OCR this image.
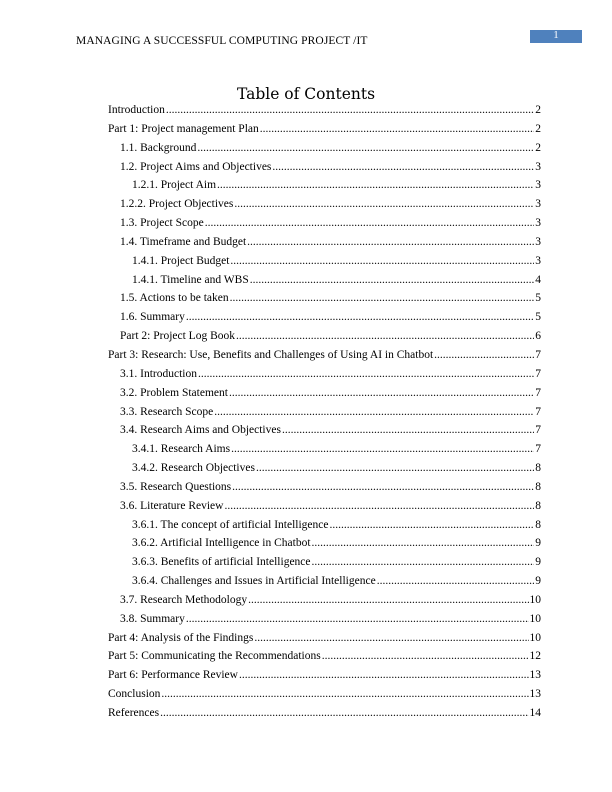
MANAGING A SUCCESSFUL COMPUTING PROJECT /IT	1
Table of Contents
Introduction .....	2
Part 1: Project management Plan .....	2
1.1. Background .....	2
1.2. Project Aims and Objectives .....	3
1.2.1. Project Aim .....	3
1.2.2. Project Objectives .....	3
1.3. Project Scope .....	3
1.4. Timeframe and Budget .....	3
1.4.1. Project Budget .....	3
1.4.1. Timeline and WBS .....	4
1.5. Actions to be taken .....	5
1.6. Summary .....	5
Part 2: Project Log Book .....	6
Part 3: Research: Use, Benefits and Challenges of Using AI in Chatbot .....	7
3.1. Introduction .....	7
3.2. Problem Statement .....	7
3.3. Research Scope .....	7
3.4. Research Aims and Objectives .....	7
3.4.1. Research Aims .....	7
3.4.2. Research Objectives .....	8
3.5. Research Questions .....	8
3.6. Literature Review .....	8
3.6.1. The concept of artificial Intelligence .....	8
3.6.2. Artificial Intelligence in Chatbot .....	9
3.6.3. Benefits of artificial Intelligence .....	9
3.6.4. Challenges and Issues in Artificial Intelligence .....	9
3.7. Research Methodology .....	10
3.8. Summary .....	10
Part 4: Analysis of the Findings .....	10
Part 5: Communicating the Recommendations .....	12
Part 6: Performance Review .....	13
Conclusion .....	13
References .....	14
